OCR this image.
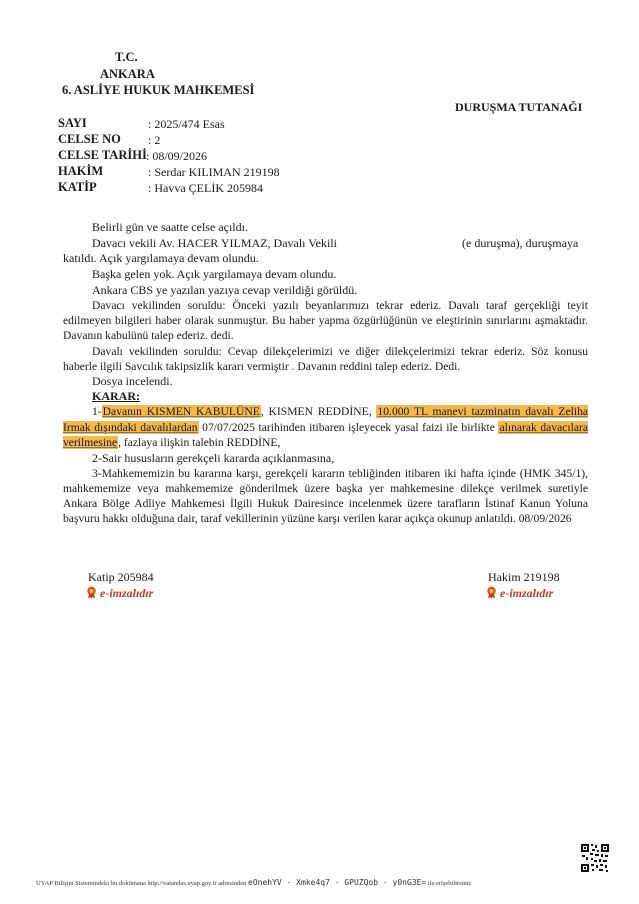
T.C.
ANKARA
6. ASLİYE HUKUK MAHKEMESİ
DURUŞMA TUTANAĞI
SAYI	: 2025/474 Esas
CELSE NO : 2
CELSE TARİHİ : 08/09/2026
HAKİM	: Serdar KILIMAN 219198
KATİP	: Havva ÇELİK 205984
Belirli gün ve saatte celse açıldı.
Davacı vekili Av. HACER YILMAZ, Davalı Vekili	(e duruşma), duruşmaya
katıldı. Açık yargılamaya devam olundu.
Başka gelen yok. Açık yargılamaya devam olundu.
Ankara CBS ye yazılan yazıya cevap verildiği görüldü.
Davacı vekilinden soruldu: Önceki yazılı beyanlarımızı tekrar ederiz. Davalı taraf gerçekliği teyit edilmeyen bilgileri haber olarak sunmuştur. Bu haber yapma özgürlüğünün ve eleştirinin sınırlarını aşmaktadır. Davanın kabulünü talep ederiz. dedi.
Davalı vekilinden soruldu: Cevap dilekçelerimizi ve diğer dilekçelerimizi tekrar ederiz. Söz konusu haberle ilgili Savcılık takipsizlik kararı vermiştir . Davanın reddini talep ederiz. Dedi.
Dosya incelendi.
KARAR:
1-Davanın KISMEN KABULÜNE, KISMEN REDDİNE, 10.000 TL manevi tazminatın davalı Zeliha Irmak dışındaki davalılardan 07/07/2025 tarihinden itibaren işleyecek yasal faizi ile birlikte alınarak davacılara verilmesine, fazlaya ilişkin talebin REDDİNE,
2-Sair hususların gerekçeli kararda açıklanmasına,
3-Mahkememizin bu kararına karşı, gerekçeli kararın tebliğinden itibaren iki hafta içinde (HMK 345/1), mahkememize veya mahkememize gönderilmek üzere başka yer mahkemesine dilekçe verilmek suretiyle Ankara Bölge Adliye Mahkemesi İlgili Hukuk Dairesince incelenmek üzere tarafların İstinaf Kanun Yoluna başvuru hakkı olduğuna dair, taraf vekillerinin yüzüne karşı verilen karar açıkça okunup anlatıldı. 08/09/2026
Katip 205984
e-imzalıdır
Hakim 219198
e-imzalıdır
UYAP Bilişim Sistemindeki bu dokümana http://vatandas.uyap.gov.tr adresinden eOnehYV - Xmke4q7 - GPUZQob - y0nG3E= ile erişebilirsiniz
